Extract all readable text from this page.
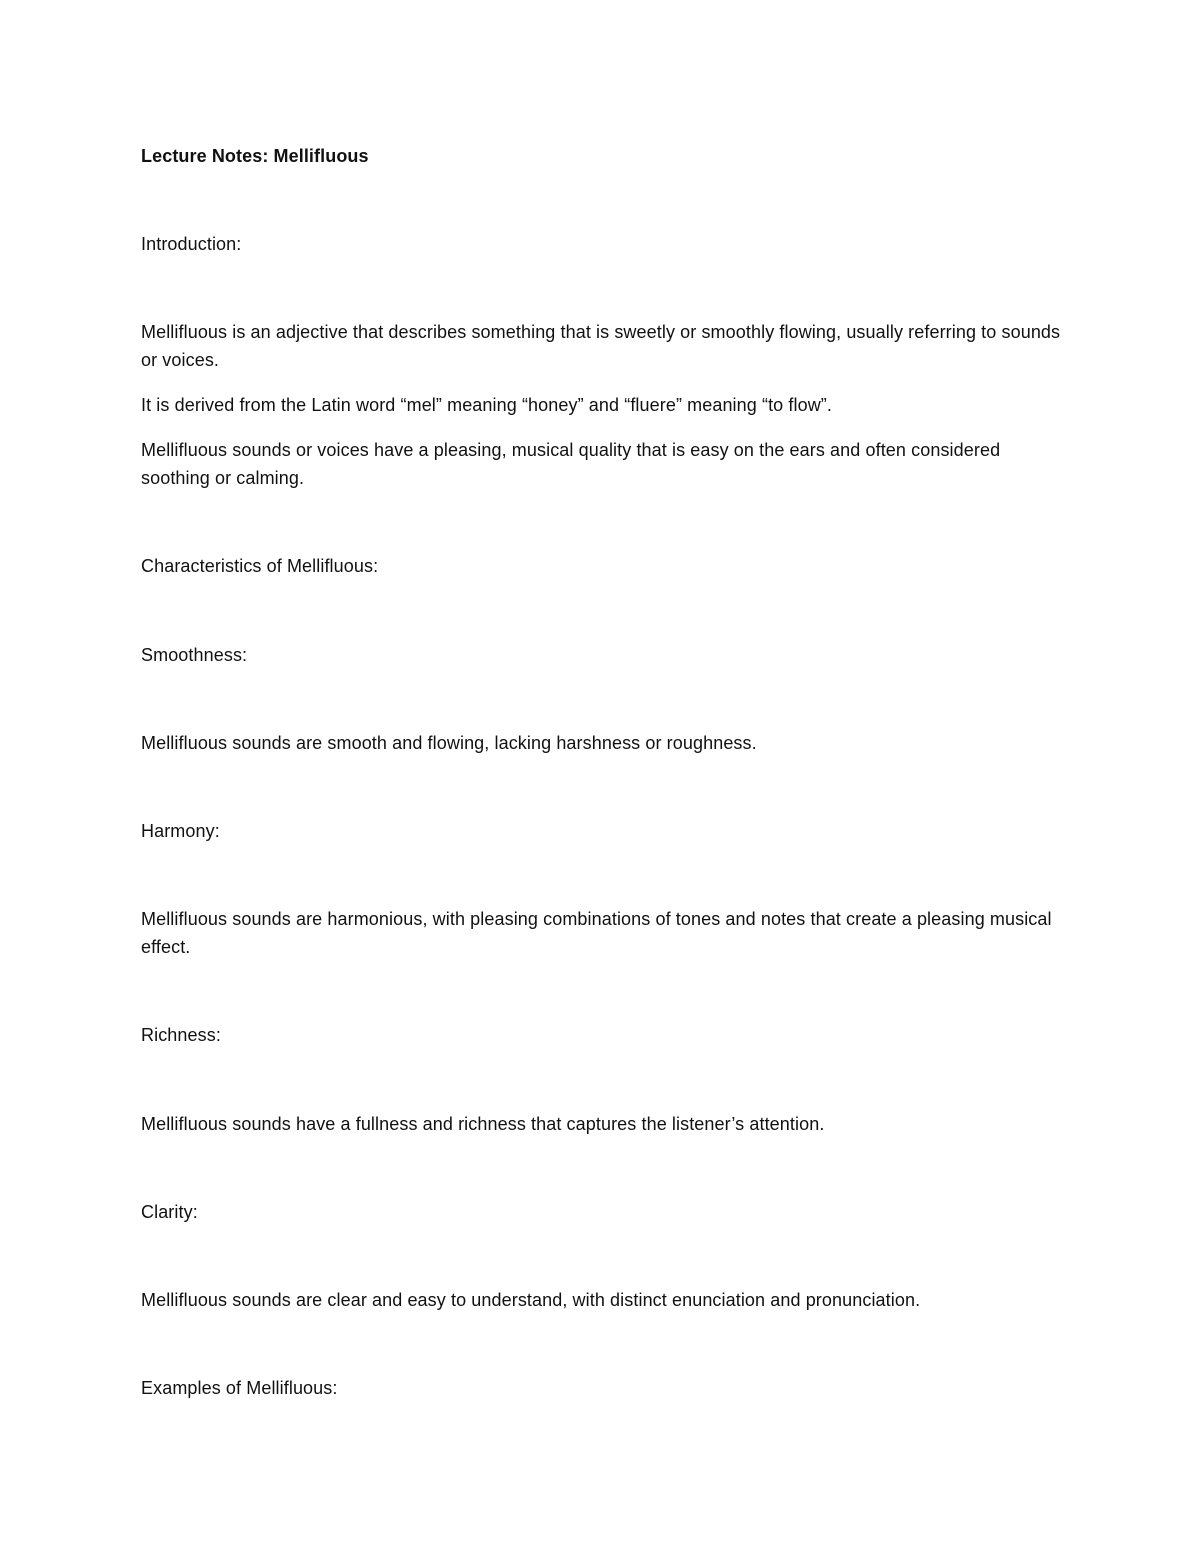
Lecture Notes: Mellifluous
Introduction:
Mellifluous is an adjective that describes something that is sweetly or smoothly flowing, usually referring to sounds or voices.
It is derived from the Latin word “mel” meaning “honey” and “fluere” meaning “to flow”.
Mellifluous sounds or voices have a pleasing, musical quality that is easy on the ears and often considered soothing or calming.
Characteristics of Mellifluous:
Smoothness:
Mellifluous sounds are smooth and flowing, lacking harshness or roughness.
Harmony:
Mellifluous sounds are harmonious, with pleasing combinations of tones and notes that create a pleasing musical effect.
Richness:
Mellifluous sounds have a fullness and richness that captures the listener’s attention.
Clarity:
Mellifluous sounds are clear and easy to understand, with distinct enunciation and pronunciation.
Examples of Mellifluous:
